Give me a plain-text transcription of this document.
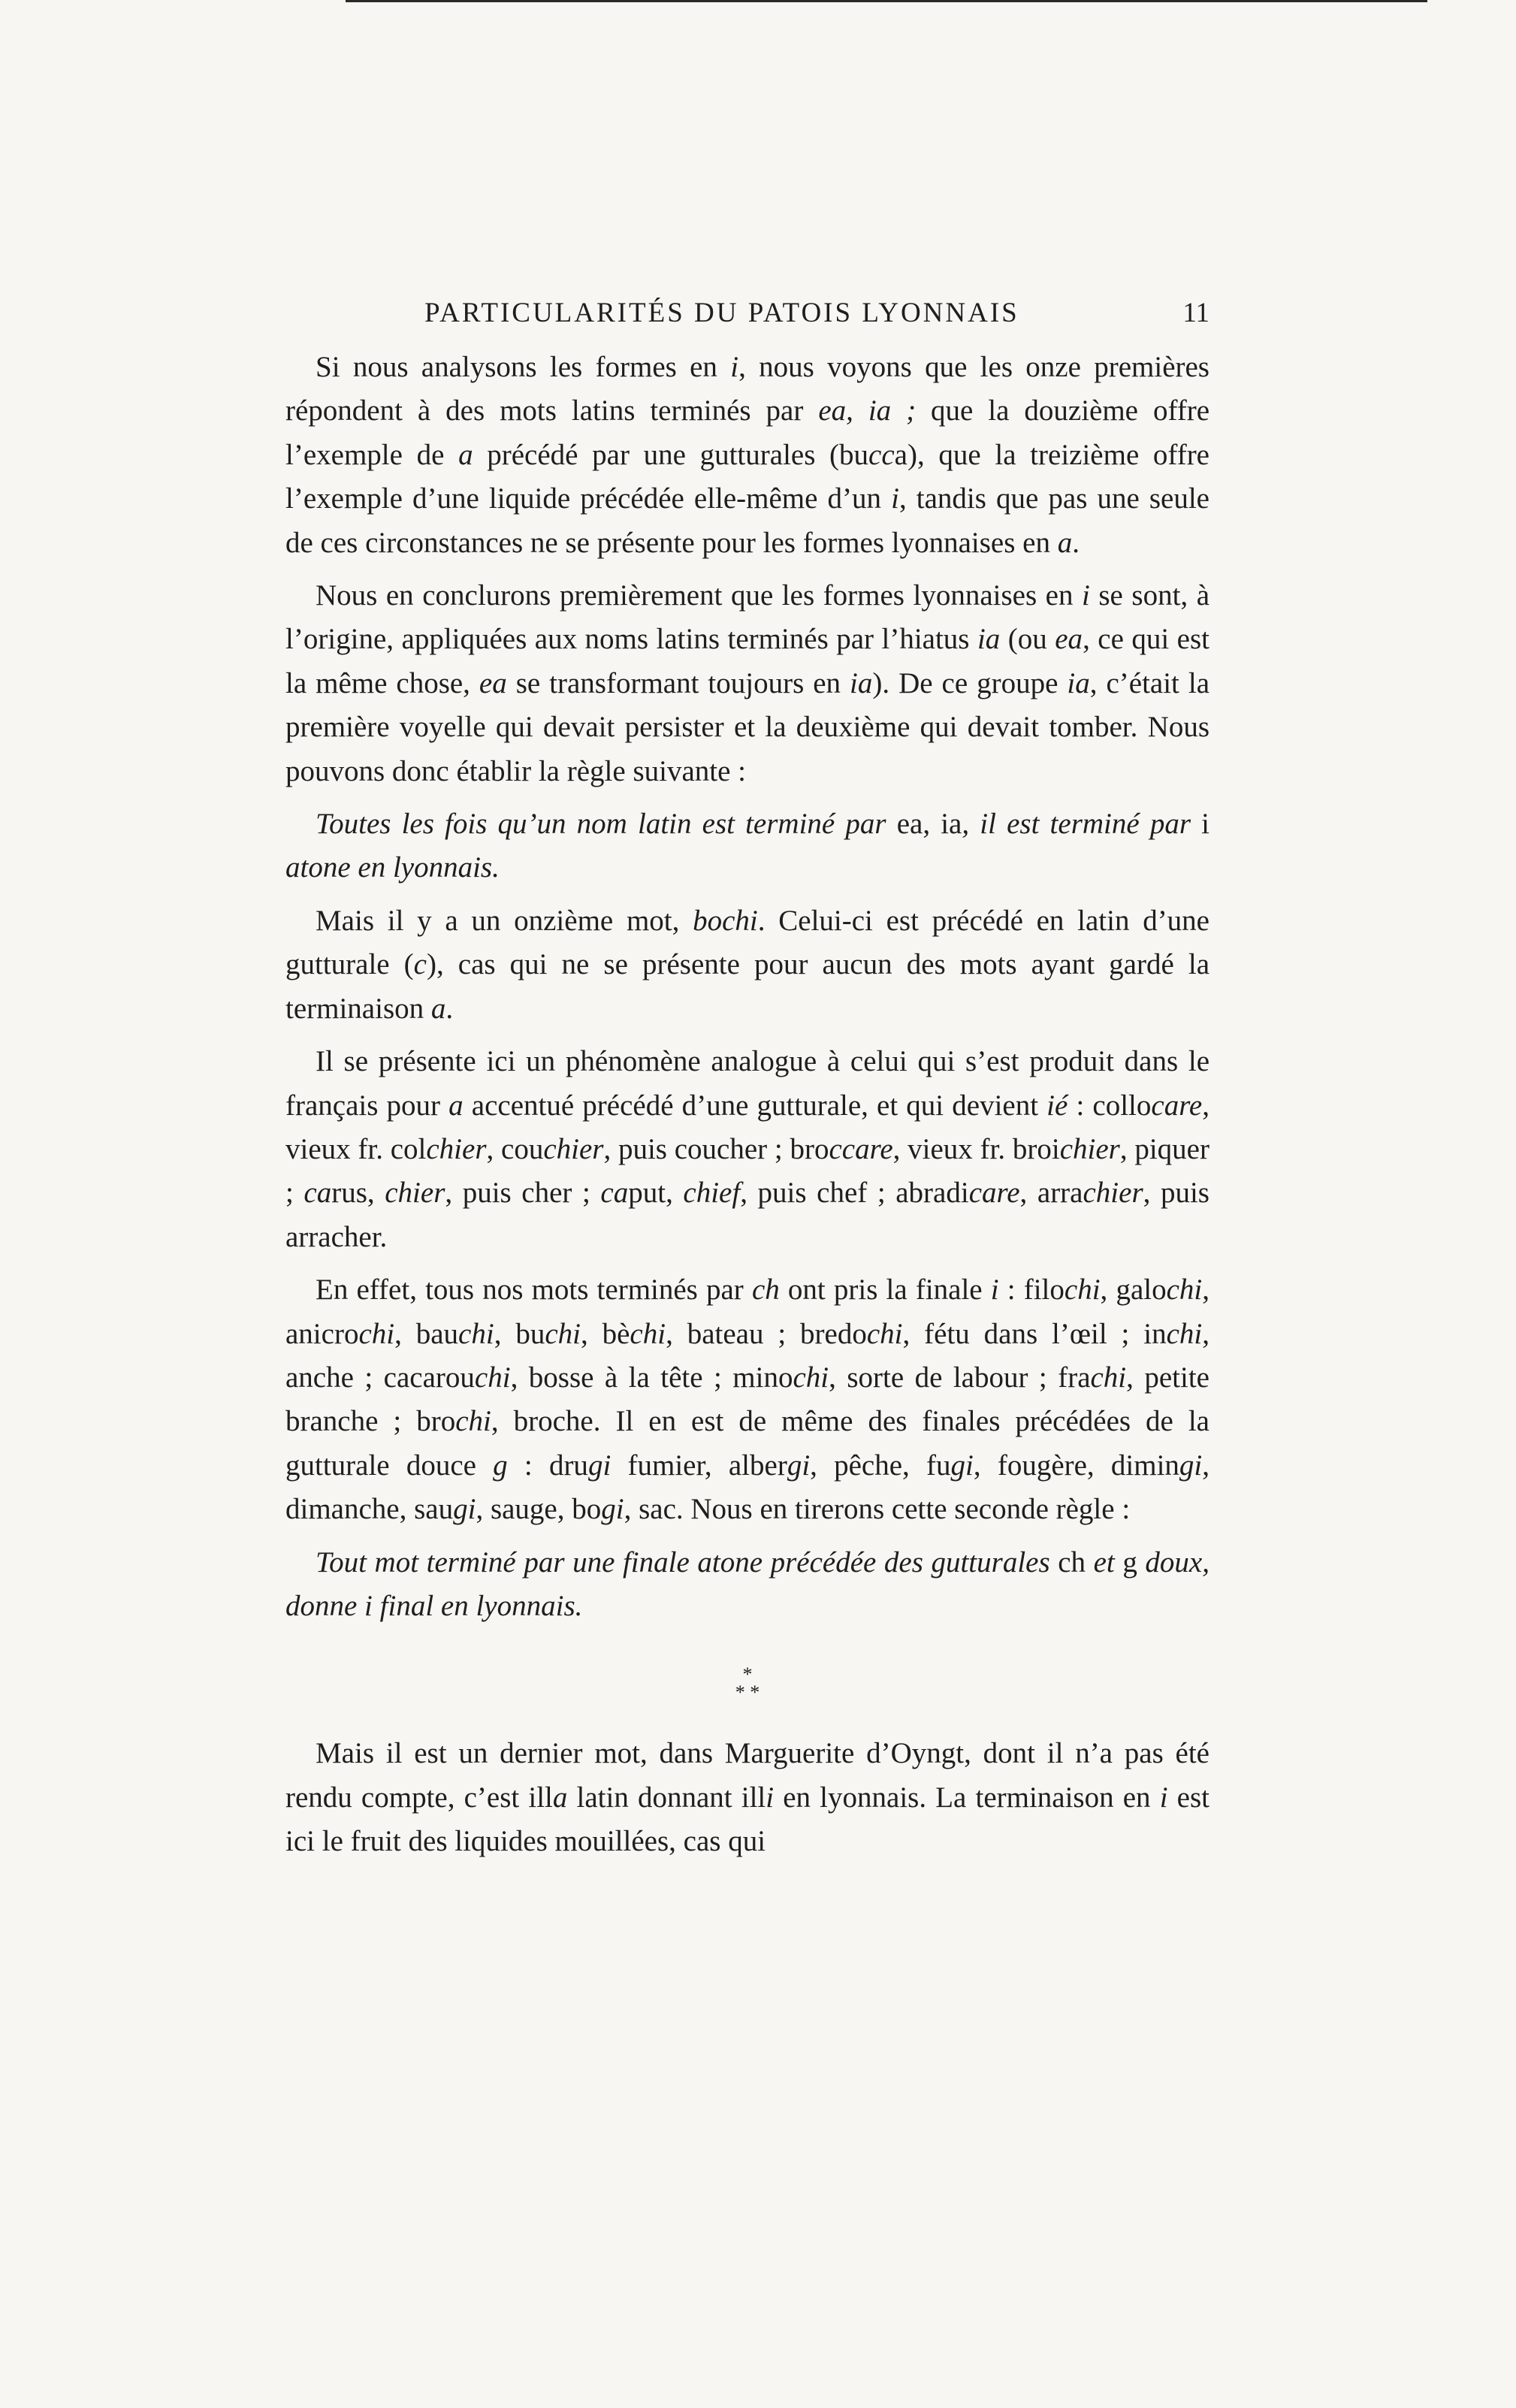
PARTICULARITÉS DU PATOIS LYONNAIS	11

Si nous analysons les formes en i, nous voyons que les onze premières répondent à des mots latins terminés par ea, ia ; que la douzième offre l’exemple de a précédé par une gutturales (bucca), que la treizième offre l’exemple d’une liquide précédée elle-même d’un i, tandis que pas une seule de ces circonstances ne se présente pour les formes lyonnaises en a.

Nous en conclurons premièrement que les formes lyonnaises en i se sont, à l’origine, appliquées aux noms latins terminés par l’hiatus ia (ou ea, ce qui est la même chose, ea se transformant toujours en ia). De ce groupe ia, c’était la première voyelle qui devait persister et la deuxième qui devait tomber. Nous pouvons donc établir la règle suivante :

Toutes les fois qu’un nom latin est terminé par ea, ia, il est terminé par i atone en lyonnais.

Mais il y a un onzième mot, bochi. Celui-ci est précédé en latin d’une gutturale (c), cas qui ne se présente pour aucun des mots ayant gardé la terminaison a.

Il se présente ici un phénomène analogue à celui qui s’est produit dans le français pour a accentué précédé d’une gutturale, et qui devient ié : collocare, vieux fr. colchier, couchier, puis coucher ; broccare, vieux fr. broichier, piquer ; carus, chier, puis cher ; caput, chief, puis chef ; abradicare, arrachier, puis arracher.

En effet, tous nos mots terminés par ch ont pris la finale i : filochi, galochi, anicrochi, bauchi, buchi, bèchi, bateau ; bredochi, fétu dans l’œil ; inchi, anche ; cacarouchi, bosse à la tête ; minochi, sorte de labour ; frachi, petite branche ; brochi, broche. Il en est de même des finales précédées de la gutturale douce g : drugi fumier, albergi, pêche, fugi, fougère, dimingi, dimanche, saugi, sauge, bogi, sac. Nous en tirerons cette seconde règle :

Tout mot terminé par une finale atone précédée des gutturales ch et g doux, donne i final en lyonnais.

*
* *

Mais il est un dernier mot, dans Marguerite d’Oyngt, dont il n’a pas été rendu compte, c’est illa latin donnant illi en lyonnais. La terminaison en i est ici le fruit des liquides mouillées, cas qui
